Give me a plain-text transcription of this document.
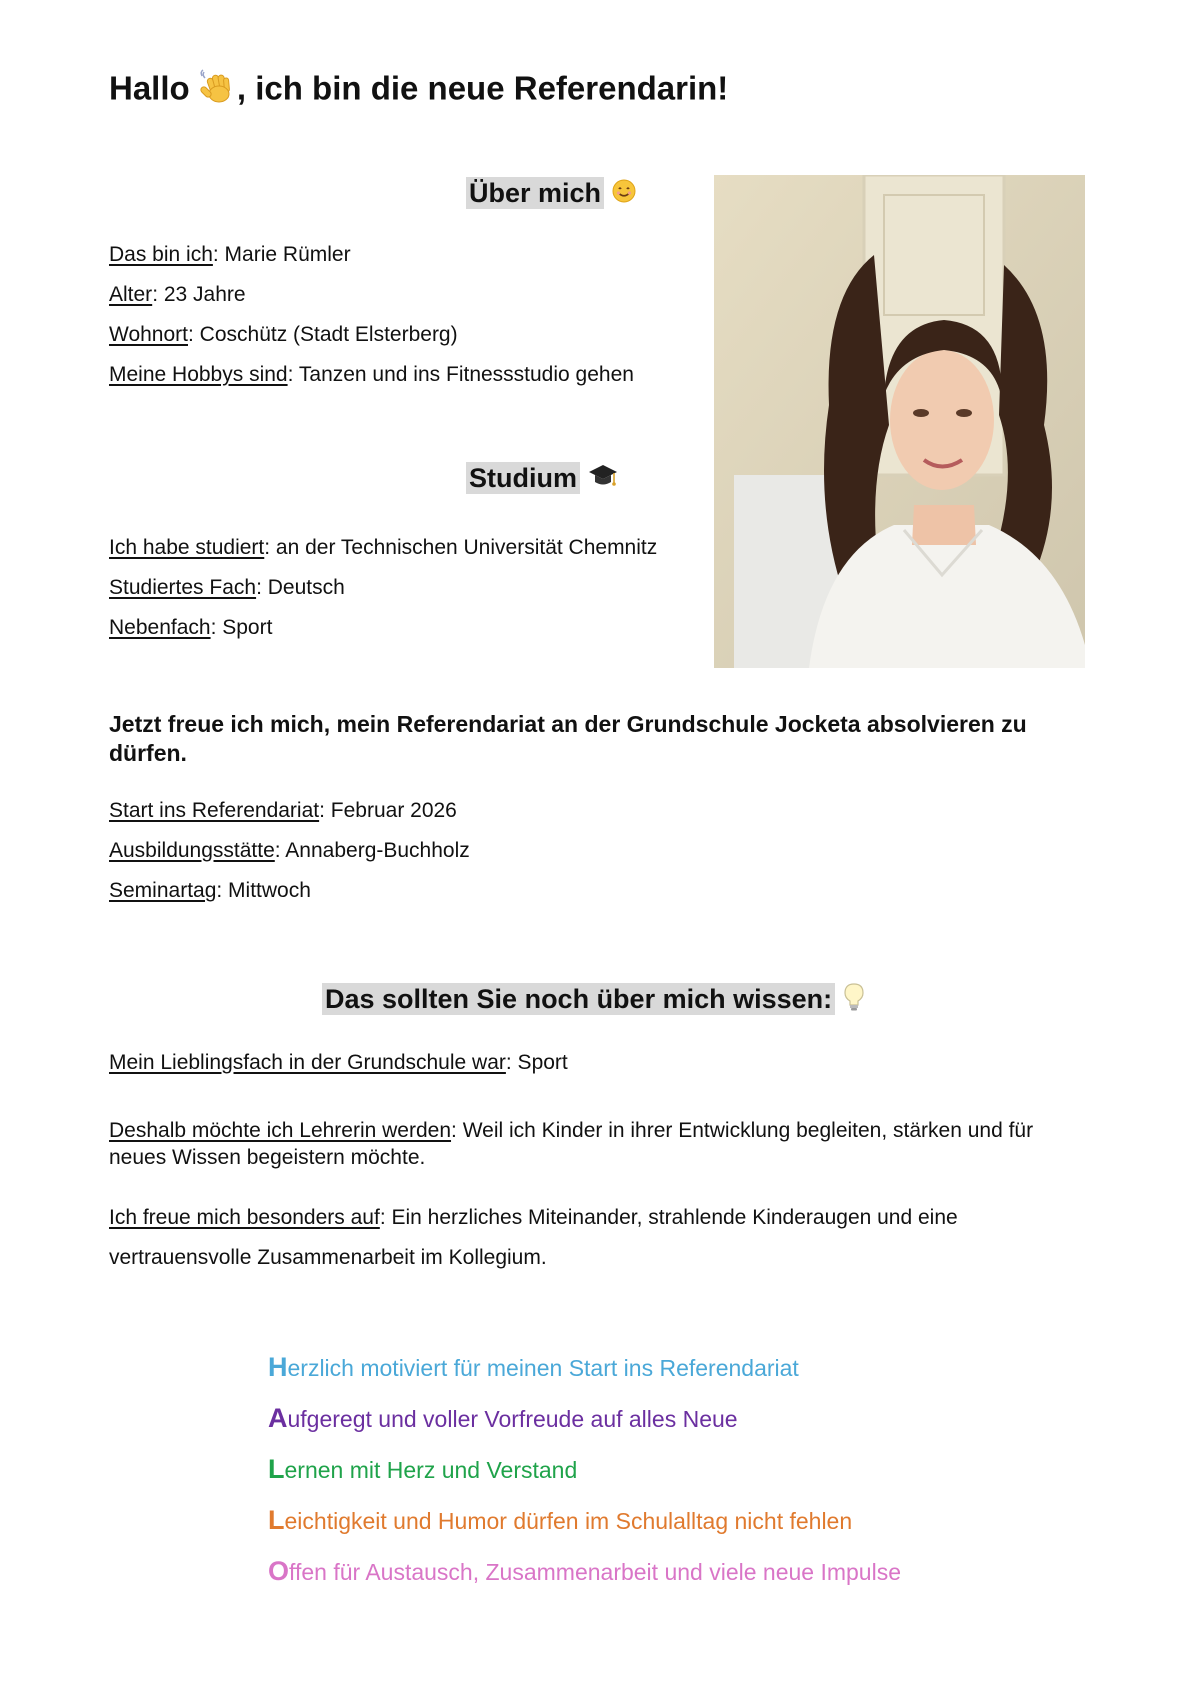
Hallo , ich bin die neue Referendarin!
Über mich
Das bin ich: Marie Rümler
Alter: 23 Jahre
Wohnort: Coschütz (Stadt Elsterberg)
Meine Hobbys sind: Tanzen und ins Fitnessstudio gehen
Studium
Ich habe studiert: an der Technischen Universität Chemnitz
Studiertes Fach: Deutsch
Nebenfach: Sport
Jetzt freue ich mich, mein Referendariat an der Grundschule Jocketa absolvieren zu dürfen.
Start ins Referendariat: Februar 2026
Ausbildungsstätte: Annaberg-Buchholz
Seminartag: Mittwoch
Das sollten Sie noch über mich wissen:
Mein Lieblingsfach in der Grundschule war: Sport
Deshalb möchte ich Lehrerin werden: Weil ich Kinder in ihrer Entwicklung begleiten, stärken und für neues Wissen begeistern möchte.
Ich freue mich besonders auf: Ein herzliches Miteinander, strahlende Kinderaugen und eine vertrauensvolle Zusammenarbeit im Kollegium.
Herzlich motiviert für meinen Start ins Referendariat
Aufgeregt und voller Vorfreude auf alles Neue
Lernen mit Herz und Verstand
Leichtigkeit und Humor dürfen im Schulalltag nicht fehlen
Offen für Austausch, Zusammenarbeit und viele neue Impulse
